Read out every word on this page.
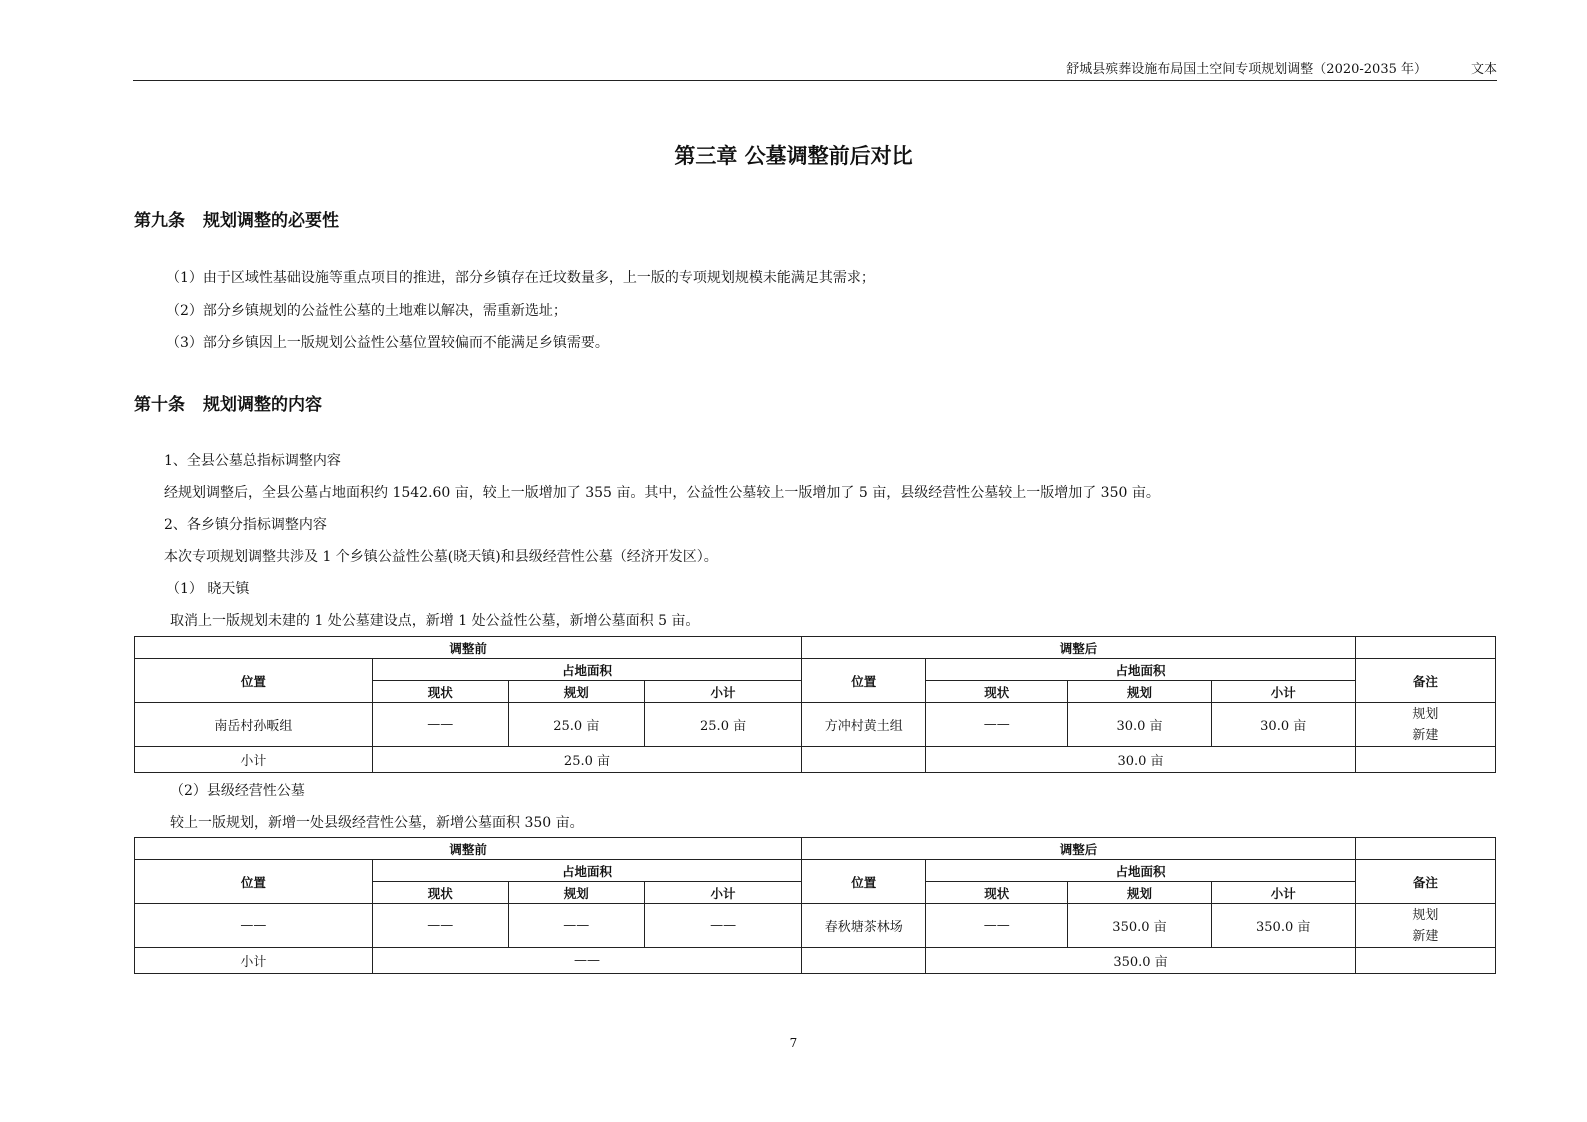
舒城县殡葬设施布局国土空间专项规划调整（2020-2035 年）	文本
第三章 公墓调整前后对比
第九条 规划调整的必要性
（1）由于区域性基础设施等重点项目的推进，部分乡镇存在迁坟数量多，上一版的专项规划规模未能满足其需求；
（2）部分乡镇规划的公益性公墓的土地难以解决，需重新选址；
（3）部分乡镇因上一版规划公益性公墓位置较偏而不能满足乡镇需要。
第十条 规划调整的内容
1、全县公墓总指标调整内容
经规划调整后，全县公墓占地面积约 1542.60 亩，较上一版增加了 355 亩。其中，公益性公墓较上一版增加了 5 亩，县级经营性公墓较上一版增加了 350 亩。
2、各乡镇分指标调整内容
本次专项规划调整共涉及 1 个乡镇公益性公墓(晓天镇)和县级经营性公墓（经济开发区）。
（1） 晓天镇
取消上一版规划未建的 1 处公墓建设点，新增 1 处公益性公墓，新增公墓面积 5 亩。
调整前				调整后				
位置	占地面积			位置	占地面积			备注
	现状	规划	小计		现状	规划	小计	
南岳村孙畈组	——	25.0 亩	25.0 亩	方冲村黄土组	——	30.0 亩	30.0 亩	规划
新建

小计	25.0 亩				30.0 亩			
（2）县级经营性公墓
较上一版规划，新增一处县级经营性公墓，新增公墓面积 350 亩。
调整前				调整后				
位置	占地面积			位置	占地面积			备注
	现状	规划	小计		现状	规划	小计	
——	——	——	——	春秋塘茶林场	——	350.0 亩	350.0 亩	规划
新建

小计	——				350.0 亩			
7
